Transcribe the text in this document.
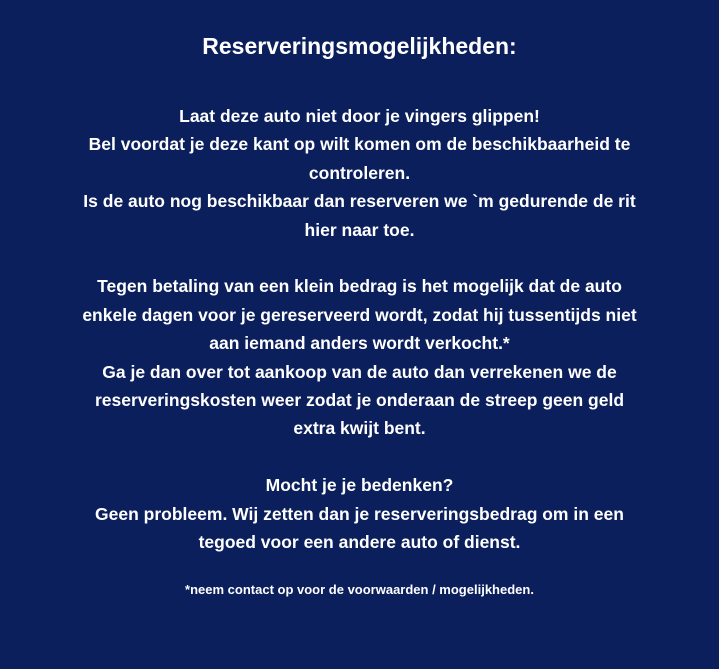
Reserveringsmogelijkheden:

Laat deze auto niet door je vingers glippen!
Bel voordat je deze kant op wilt komen om de beschikbaarheid te
controleren.
Is de auto nog beschikbaar dan reserveren we `m gedurende de rit
hier naar toe.

Tegen betaling van een klein bedrag is het mogelijk dat de auto
enkele dagen voor je gereserveerd wordt, zodat hij tussentijds niet
aan iemand anders wordt verkocht.*
Ga je dan over tot aankoop van de auto dan verrekenen we de
reserveringskosten weer zodat je onderaan de streep geen geld
extra kwijt bent.

Mocht je je bedenken?
Geen probleem. Wij zetten dan je reserveringsbedrag om in een
tegoed voor een andere auto of dienst.

*neem contact op voor de voorwaarden / mogelijkheden.
